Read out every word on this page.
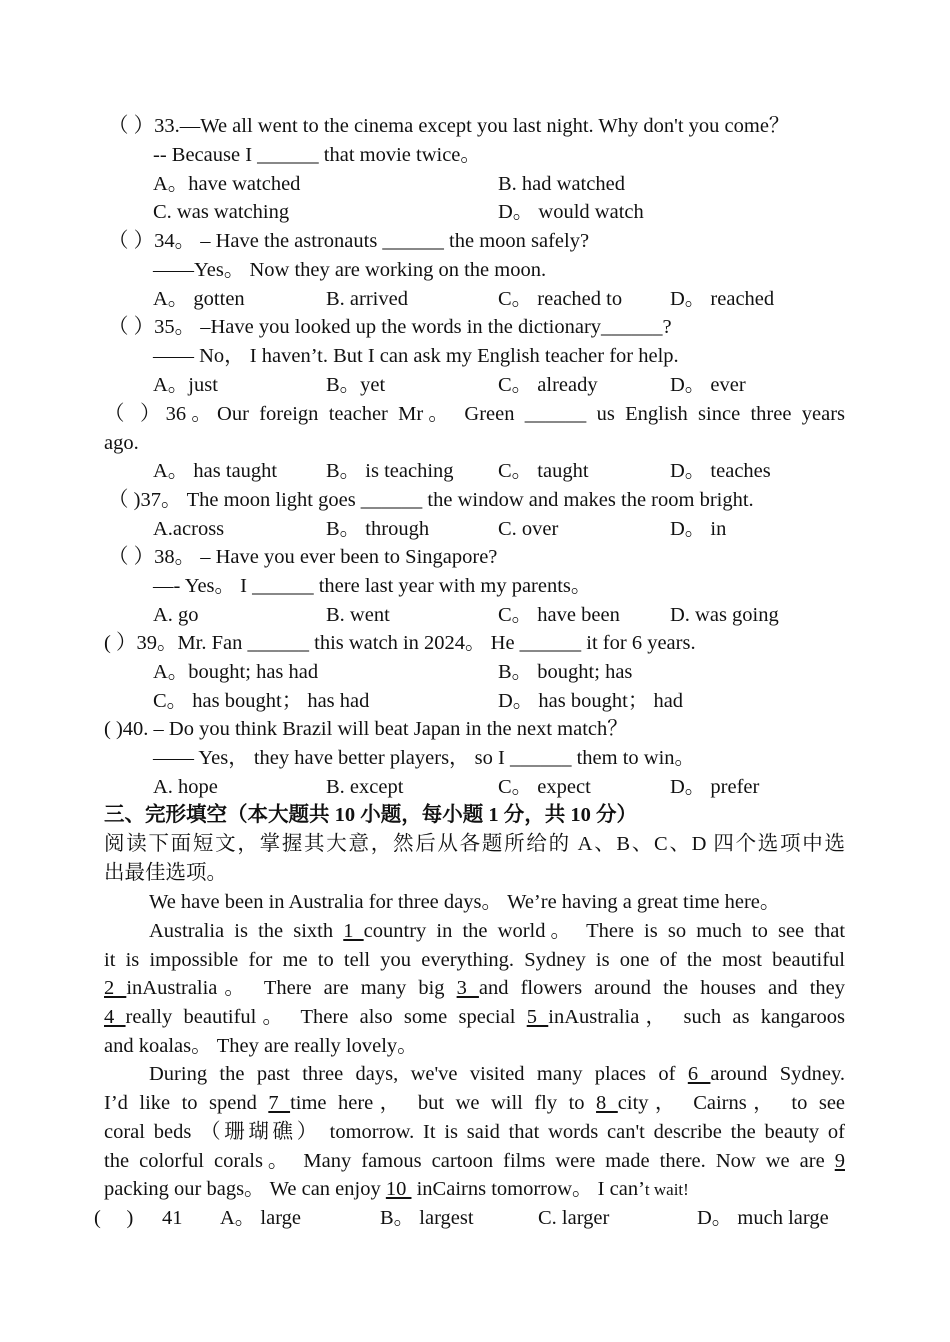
（ ）33.—We all went to the cinema except you last night. Why don't you come？
-- Because I ______ that movie twice。
A。have watched	B. had watched
C. was watching	D。 would watch
（ ）34。 – Have the astronauts ______ the moon safely?
——Yes。 Now they are working on the moon.
A。 gotten	B. arrived	C。 reached to D。 reached
（ ）35。 –Have you looked up the words in the dictionary______?
—— No， I haven’t. But I can ask my English teacher for help.
A。just	B。yet	C。 already	D。 ever
（ ）36。Our foreign teacher Mr。 Green ______ us English since three years
ago.
A。 has taught B。 is teaching C。 taught	D。 teaches
（ )37。 The moon light goes ______ the window and makes the room bright.
A.across	B。 through	C. over	D。 in
（ ）38。 – Have you ever been to Singapore?
—- Yes。 I ______ there last year with my parents。
A. go	B. went	C。 have been D. was going
( ）39。Mr. Fan ______ this watch in 2024。 He ______ it for 6 years.
A。bought; has had	B。 bought; has
C。 has bought； has had	D。 has bought； had
( )40. – Do you think Brazil will beat Japan in the next match？
—— Yes， they have better players， so I ______ them to win。
A. hope	B. except	C。 expect	D。 prefer
三、完形填空（本大题共 10 小题，每小题 1 分，共 10 分）
阅读下面短文，掌握其大意，然后从各题所给的 A、B、C、D 四个选项中选
出最佳选项。
We have been in Australia for three days。 We’re having a great time here。
Australia is the sixth 1 country in the world。 There is so much to see that
it is impossible for me to tell you everything. Sydney is one of the most beautiful
2 inAustralia。 There are many big 3 and flowers around the houses and they
4 really beautiful。 There also some special 5 inAustralia， such as kangaroos
and koalas。 They are really lovely。
During the past three days, we've visited many places of 6 around Sydney.
I’d like to spend 7 time here， but we will fly to 8 city， Cairns， to see
coral beds （珊瑚礁） tomorrow. It is said that words can't describe the beauty of
the colorful corals。 Many famous cartoon films were made there. Now we are 9
packing our bags。 We can enjoy 10  inCairns tomorrow。 I can’t wait!
(     ) 41 A。 large	B。 largest	C. larger	D。 much large
